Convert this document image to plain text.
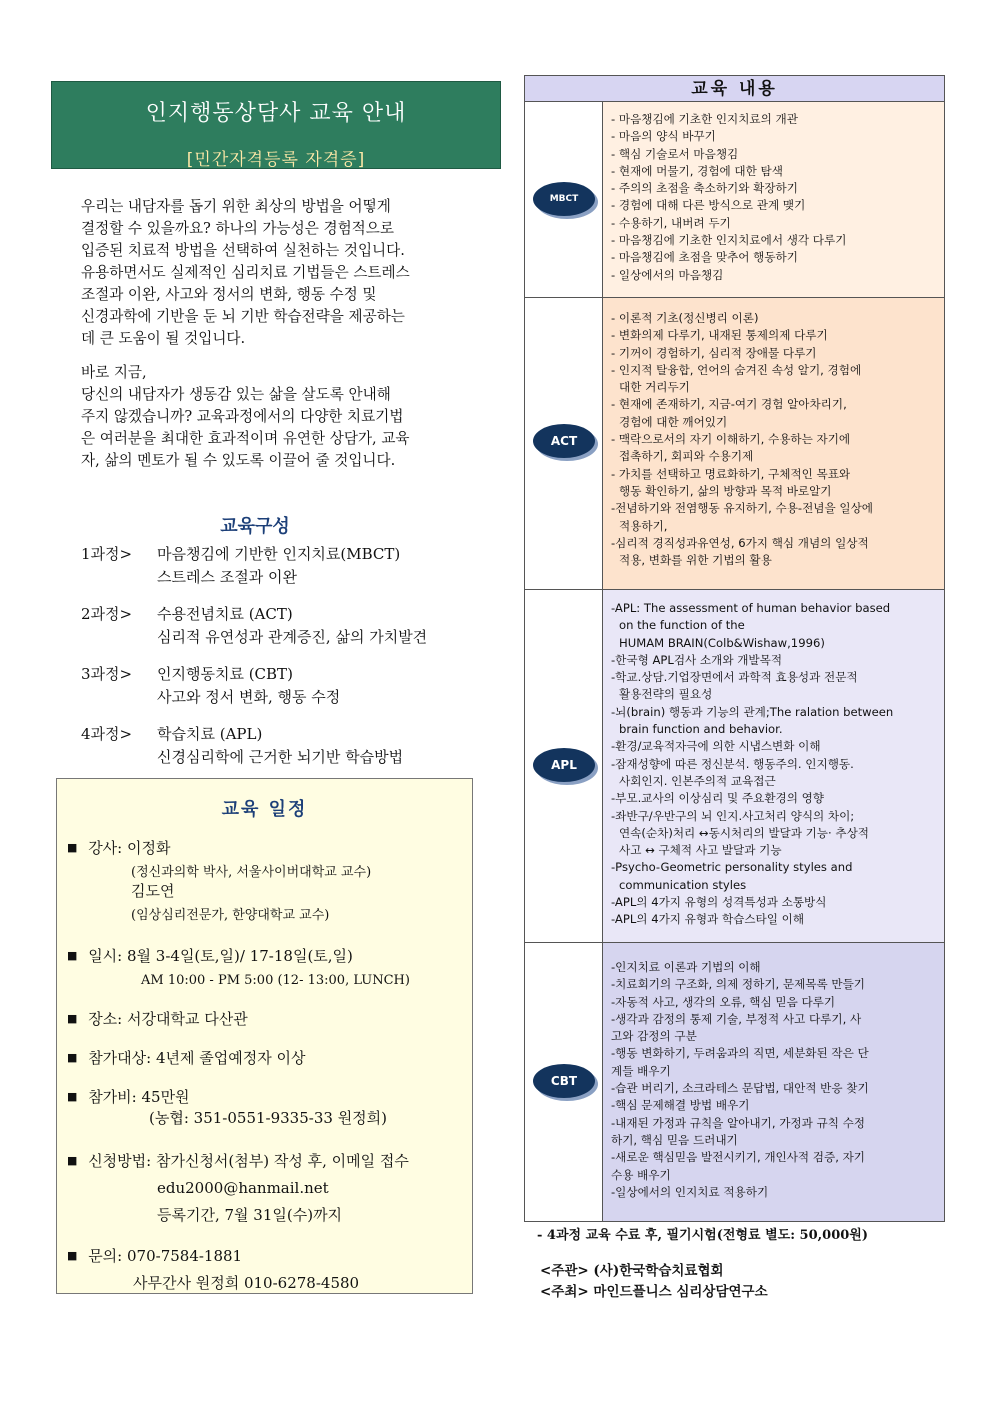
인지행동상담사 교육 안내
[민간자격등록 자격증]

우리는 내담자를 돕기 위한 최상의 방법을 어떻게
결정할 수 있을까요? 하나의 가능성은 경험적으로
입증된 치료적 방법을 선택하여 실천하는 것입니다.
유용하면서도 실제적인 심리치료 기법들은 스트레스
조절과 이완, 사고와 정서의 변화, 행동 수정 및
신경과학에 기반을 둔 뇌 기반 학습전략을 제공하는
데 큰 도움이 될 것입니다.

바로 지금,
당신의 내담자가 생동감 있는 삶을 살도록 안내해
주지 않겠습니까? 교육과정에서의 다양한 치료기법
은 여러분을 최대한 효과적이며 유연한 상담가, 교육
자, 삶의 멘토가 될 수 있도록 이끌어 줄 것입니다.

교육구성
1과정>	마음챙김에 기반한 인지치료(MBCT)
스트레스 조절과 이완
2과정>	수용전념치료 (ACT)
심리적 유연성과 관계증진, 삶의 가치발견
3과정>	인지행동치료 (CBT)
사고와 정서 변화, 행동 수정
4과정>	학습치료 (APL)
신경심리학에 근거한 뇌기반 학습방법
교육 일정
■ 강사: 이정화
(정신과의학 박사, 서울사이버대학교 교수)
김도연
(임상심리전문가, 한양대학교 교수)
■ 일시: 8월 3-4일(토,일)/ 17-18일(토,일)
AM 10:00 - PM 5:00 (12- 13:00, LUNCH)
■ 장소: 서강대학교 다산관
■ 참가대상: 4년제 졸업예정자 이상
■ 참가비: 45만원
(농협: 351-0551-9335-33 원정희)
■ 신청방법: 참가신청서(첨부) 작성 후, 이메일 접수
edu2000@hanmail.net
등록기간, 7월 31일(수)까지
■ 문의: 070-7584-1881
사무간사 원정희 010-6278-4580
교육 내용
MBCT
- 마음챙김에 기초한 인지치료의 개관
- 마음의 양식 바꾸기
- 핵심 기술로서 마음챙김
- 현재에 머물기, 경험에 대한 탐색
- 주의의 초점을 축소하기와 확장하기
- 경험에 대해 다른 방식으로 관계 맺기
- 수용하기, 내버려 두기
- 마음챙김에 기초한 인지치료에서 생각 다루기
- 마음챙김에 초점을 맞추어 행동하기
- 일상에서의 마음챙김
ACT
- 이론적 기초(정신병리 이론)
- 변화의제 다루기, 내재된 통제의제 다루기
- 기꺼이 경험하기, 심리적 장애물 다루기
- 인지적 탈융합, 언어의 숨겨진 속성 알기, 경험에
대한 거리두기
- 현재에 존재하기, 지금-여기 경험 알아차리기,
경험에 대한 깨어있기
- 맥락으로서의 자기 이해하기, 수용하는 자기에
접촉하기, 회피와 수용기제
- 가치를 선택하고 명료화하기, 구체적인 목표와
행동 확인하기, 삶의 방향과 목적 바로알기
-전념하기와 전염행동 유지하기, 수용-전념을 일상에
적용하기,
-심리적 경직성과유연성, 6가지 핵심 개념의 일상적
적용, 변화를 위한 기법의 활용
APL
-APL: The assessment of human behavior based
on the function of the
HUMAM BRAIN(Colb&Wishaw,1996)
-한국형 APL검사 소개와 개발목적
-학교.상담.기업장면에서 과학적 효용성과 전문적
활용전략의 필요성
-뇌(brain) 행동과 기능의 관계;The ralation between
brain function and behavior.
-환경/교육적자극에 의한 시냅스변화 이해
-잠재성향에 따른 정신분석. 행동주의. 인지행동.
사회인지. 인본주의적 교육접근
-부모.교사의 이상심리 및 주요환경의 영향
-좌반구/우반구의 뇌 인지.사고처리 양식의 차이;
연속(순차)처리 ↔동시처리의 발달과 기능· 추상적
사고 ↔ 구체적 사고 발달과 기능
-Psycho-Geometric personality styles and
communication styles
-APL의 4가지 유형의 성격특성과 소통방식
-APL의 4가지 유형과 학습스타일 이해
CBT
-인지치료 이론과 기법의 이해
-치료회기의 구조화, 의제 정하기, 문제목록 만들기
-자동적 사고, 생각의 오류, 핵심 믿음 다루기
-생각과 감정의 통제 기술, 부정적 사고 다루기, 사
고와 감정의 구분
-행동 변화하기, 두려움과의 직면, 세분화된 작은 단
계들 배우기
-습관 버리기, 소크라테스 문답법, 대안적 반응 찾기
-핵심 문제해결 방법 배우기
-내재된 가정과 규칙을 알아내기, 가정과 규칙 수정
하기, 핵심 믿음 드러내기
-새로운 핵심믿음 발전시키기, 개인사적 검증, 자기
수용 배우기
-일상에서의 인지치료 적용하기
- 4과정 교육 수료 후, 필기시험(전형료 별도: 50,000원)
<주관> (사)한국학습치료협회
<주최> 마인드플니스 심리상담연구소
